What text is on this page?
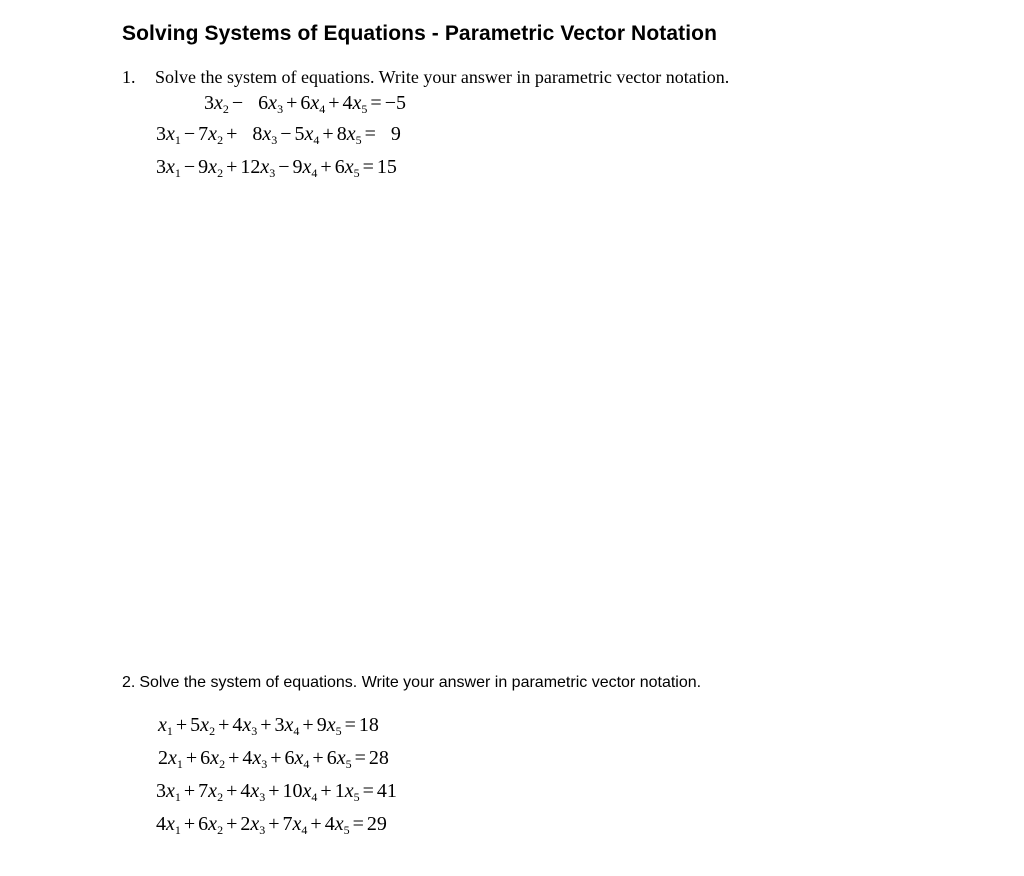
Solving Systems of Equations - Parametric Vector Notation
1. Solve the system of equations. Write your answer in parametric vector notation.
$3x_2 - 6x_3 + 6x_4 + 4x_5 = -5$
$3x_1 - 7x_2 + 8x_3 - 5x_4 + 8x_5 = 9$
$3x_1 - 9x_2 + 12x_3 - 9x_4 + 6x_5 = 15$
2. Solve the system of equations. Write your answer in parametric vector notation.
$x_1 + 5x_2 + 4x_3 + 3x_4 + 9x_5 = 18$
$2x_1 + 6x_2 + 4x_3 + 6x_4 + 6x_5 = 28$
$3x_1 + 7x_2 + 4x_3 + 10x_4 + 1x_5 = 41$
$4x_1 + 6x_2 + 2x_3 + 7x_4 + 4x_5 = 29$
